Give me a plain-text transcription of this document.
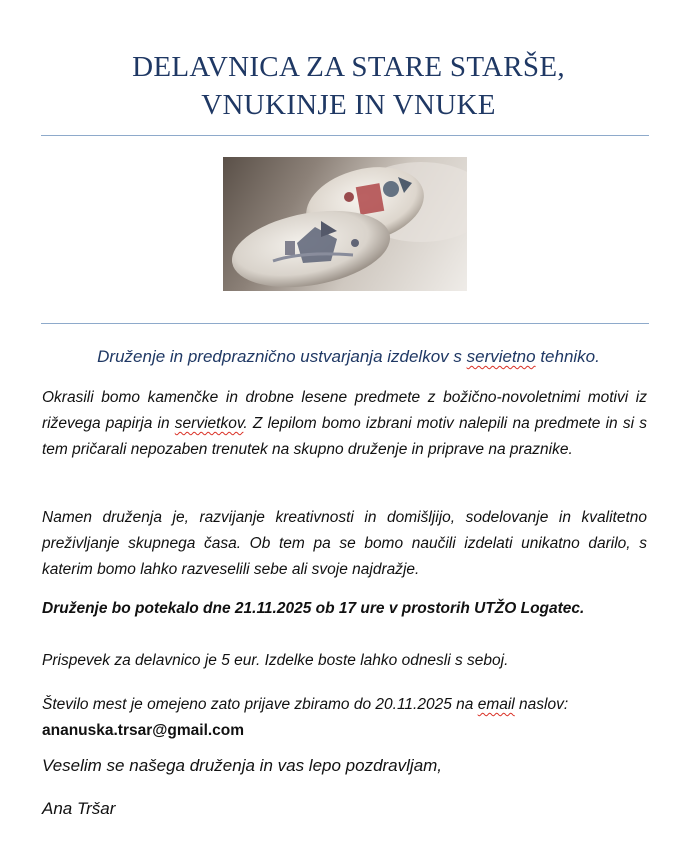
DELAVNICA ZA STARE STARŠE,
VNUKINJE IN VNUKE
Druženje in predpraznično ustvarjanja izdelkov s servietno tehniko.

Okrasili bomo kamenčke in drobne lesene predmete z božično-novoletnimi motivi iz riževega papirja in servietkov. Z lepilom bomo izbrani motiv nalepili na predmete in si s tem pričarali nepozaben trenutek na skupno druženje in priprave na praznike.

Namen druženja je, razvijanje kreativnosti in domišljijo, sodelovanje in kvalitetno preživljanje skupnega časa. Ob tem pa se bomo naučili izdelati unikatno darilo, s katerim bomo lahko razveselili sebe ali svoje najdražje.

Druženje bo potekalo dne 21.11.2025 ob 17 ure v prostorih UTŽO Logatec.

Prispevek za delavnico je 5 eur. Izdelke boste lahko odnesli s seboj.

Število mest je omejeno zato prijave zbiramo do 20.11.2025 na email naslov:
ananuska.trsar@gmail.com

Veselim se našega druženja in vas lepo pozdravljam,

Ana Tršar
